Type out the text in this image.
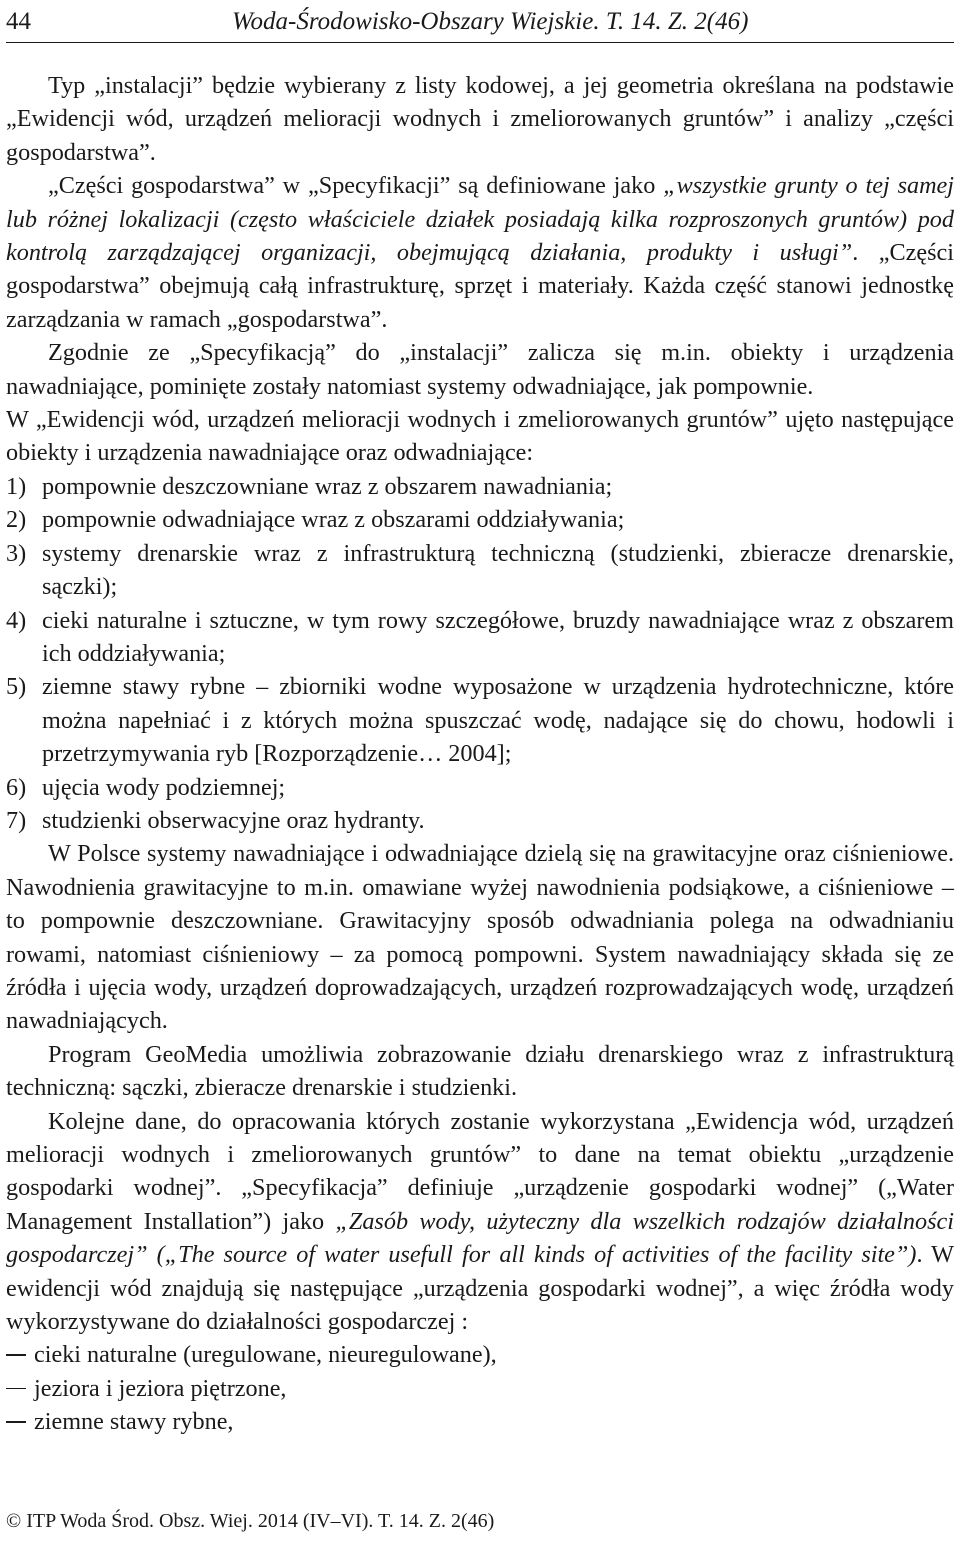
44	Woda-Środowisko-Obszary Wiejskie. T. 14. Z. 2(46)

Typ „instalacji” będzie wybierany z listy kodowej, a jej geometria określana na podstawie „Ewidencji wód, urządzeń melioracji wodnych i zmeliorowanych gruntów” i analizy „części gospodarstwa”.

„Części gospodarstwa” w „Specyfikacji” są definiowane jako „wszystkie grunty o tej samej lub różnej lokalizacji (często właściciele działek posiadają kilka rozproszonych gruntów) pod kontrolą zarządzającej organizacji, obejmującą działania, produkty i usługi”. „Części gospodarstwa” obejmują całą infrastrukturę, sprzęt i materiały. Każda część stanowi jednostkę zarządzania w ramach „gospodarstwa”.

Zgodnie ze „Specyfikacją” do „instalacji” zalicza się m.in. obiekty i urządzenia nawadniające, pominięte zostały natomiast systemy odwadniające, jak pompownie.

W „Ewidencji wód, urządzeń melioracji wodnych i zmeliorowanych gruntów” ujęto następujące obiekty i urządzenia nawadniające oraz odwadniające:

1) pompownie deszczowniane wraz z obszarem nawadniania;
2) pompownie odwadniające wraz z obszarami oddziaływania;
3) systemy drenarskie wraz z infrastrukturą techniczną (studzienki, zbieracze drenarskie, sączki);
4) cieki naturalne i sztuczne, w tym rowy szczegółowe, bruzdy nawadniające wraz z obszarem ich oddziaływania;
5) ziemne stawy rybne – zbiorniki wodne wyposażone w urządzenia hydrotechniczne, które można napełniać i z których można spuszczać wodę, nadające się do chowu, hodowli i przetrzymywania ryb [Rozporządzenie… 2004];
6) ujęcia wody podziemnej;
7) studzienki obserwacyjne oraz hydranty.

W Polsce systemy nawadniające i odwadniające dzielą się na grawitacyjne oraz ciśnieniowe. Nawodnienia grawitacyjne to m.in. omawiane wyżej nawodnienia podsiąkowe, a ciśnieniowe – to pompownie deszczowniane. Grawitacyjny sposób odwadniania polega na odwadnianiu rowami, natomiast ciśnieniowy – za pomocą pompowni. System nawadniający składa się ze źródła i ujęcia wody, urządzeń doprowadzających, urządzeń rozprowadzających wodę, urządzeń nawadniających.

Program GeoMedia umożliwia zobrazowanie działu drenarskiego wraz z infrastrukturą techniczną: sączki, zbieracze drenarskie i studzienki.

Kolejne dane, do opracowania których zostanie wykorzystana „Ewidencja wód, urządzeń melioracji wodnych i zmeliorowanych gruntów” to dane na temat obiektu „urządzenie gospodarki wodnej”. „Specyfikacja” definiuje „urządzenie gospodarki wodnej” („Water Management Installation”) jako „Zasób wody, użyteczny dla wszelkich rodzajów działalności gospodarczej” („The source of water usefull for all kinds of activities of the facility site”). W ewidencji wód znajdują się następujące „urządzenia gospodarki wodnej”, a więc źródła wody wykorzystywane do działalności gospodarczej :

cieki naturalne (uregulowane, nieuregulowane),
jeziora i jeziora piętrzone,
ziemne stawy rybne,
© ITP Woda Środ. Obsz. Wiej. 2014 (IV–VI). T. 14. Z. 2(46)
